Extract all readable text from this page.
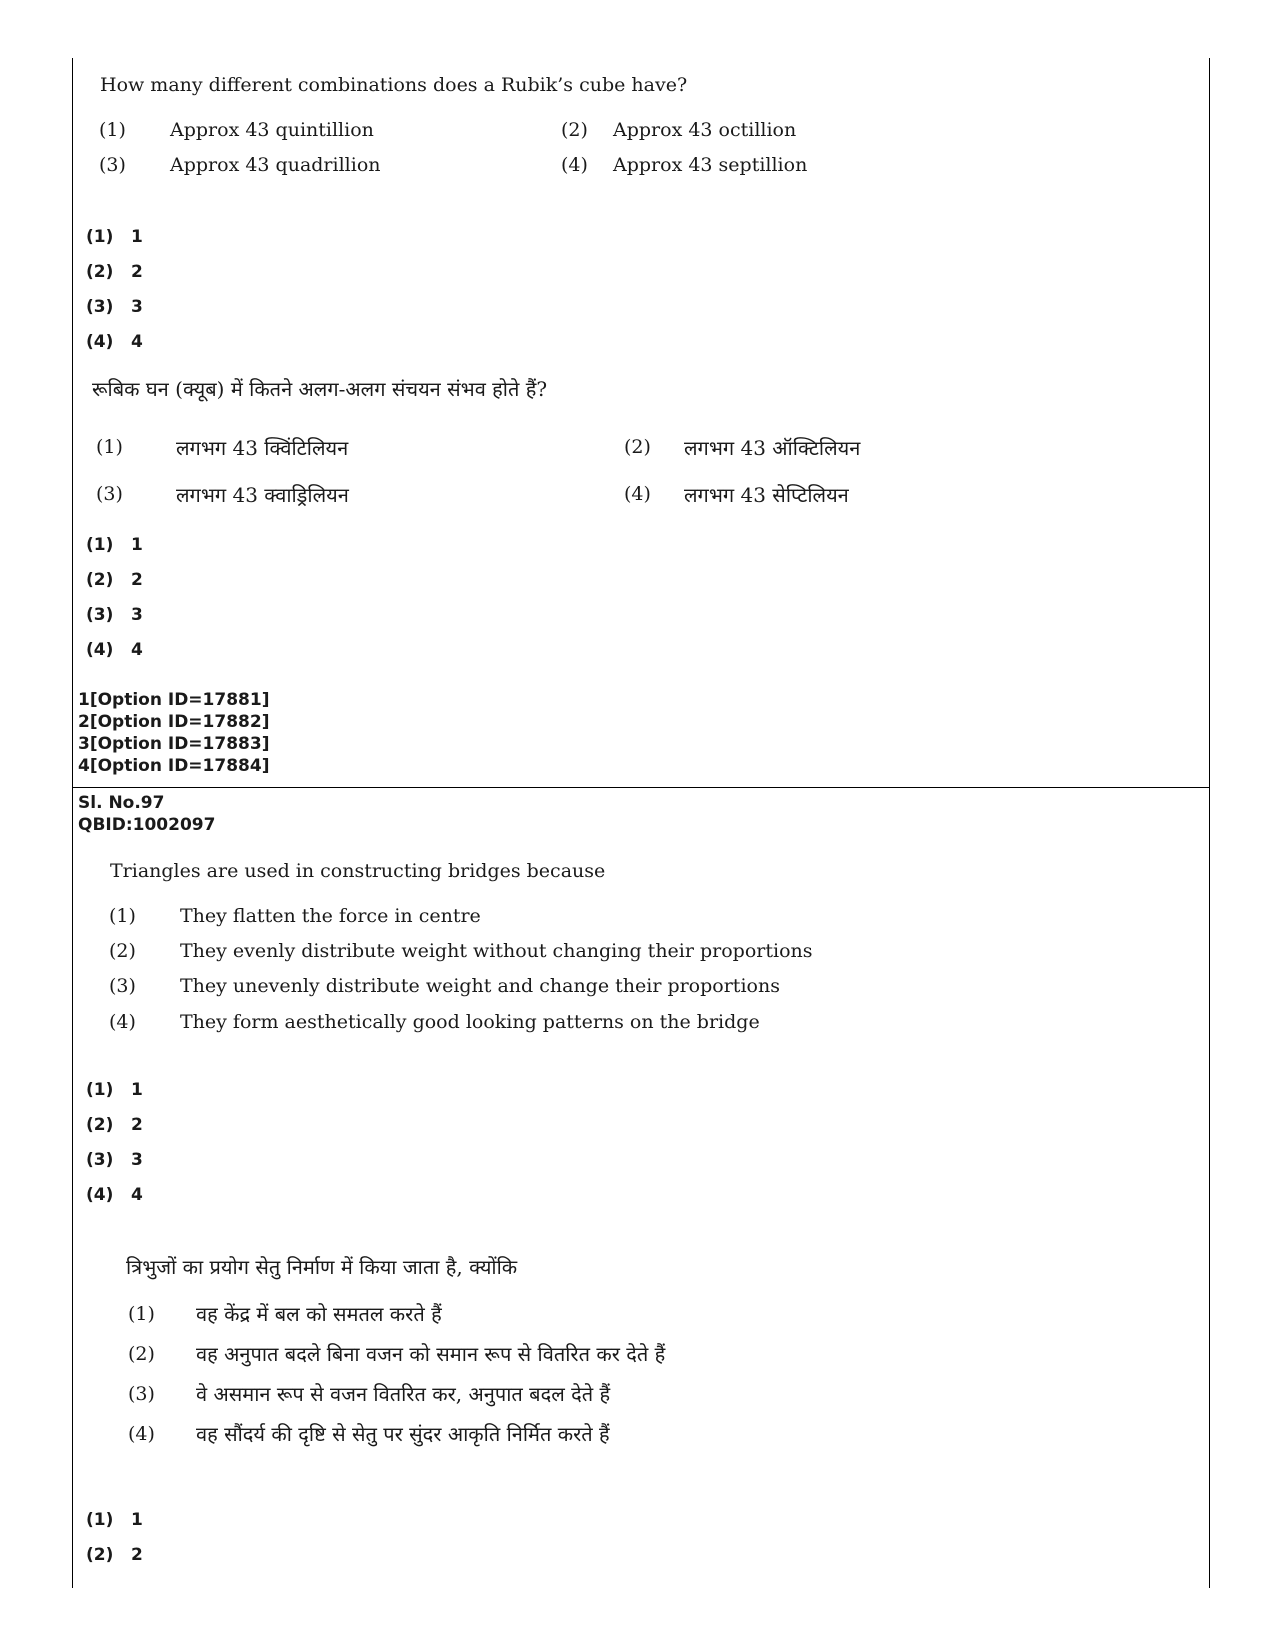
How many different combinations does a Rubik’s cube have?
(1) Approx 43 quintillion	(2) Approx 43 octillion
(3) Approx 43 quadrillion	(4) Approx 43 septillion
(1) 1
(2) 2
(3) 3
(4) 4
रूबिक घन (क्यूब) में कितने अलग-अलग संचयन संभव होते हैं?
(1)	लगभग 43 क्विंटिलियन	(2) लगभग 43 ऑक्टिलियन
(3)	लगभग 43 क्वाड्रिलियन	(4) लगभग 43 सेप्टिलियन
(1) 1
(2) 2
(3) 3
(4) 4
1[Option ID=17881]
2[Option ID=17882]
3[Option ID=17883]
4[Option ID=17884]
Sl. No.97
QBID:1002097
Triangles are used in constructing bridges because
(1) They flatten the force in centre
(2) They evenly distribute weight without changing their proportions
(3) They unevenly distribute weight and change their proportions
(4) They form aesthetically good looking patterns on the bridge
(1) 1
(2) 2
(3) 3
(4) 4
त्रिभुजों का प्रयोग सेतु निर्माण में किया जाता है, क्योंकि
(1) वह केंद्र में बल को समतल करते हैं
(2) वह अनुपात बदले बिना वजन को समान रूप से वितरित कर देते हैं
(3) वे असमान रूप से वजन वितरित कर, अनुपात बदल देते हैं
(4) वह सौंदर्य की दृष्टि से सेतु पर सुंदर आकृति निर्मित करते हैं
(1) 1
(2) 2
